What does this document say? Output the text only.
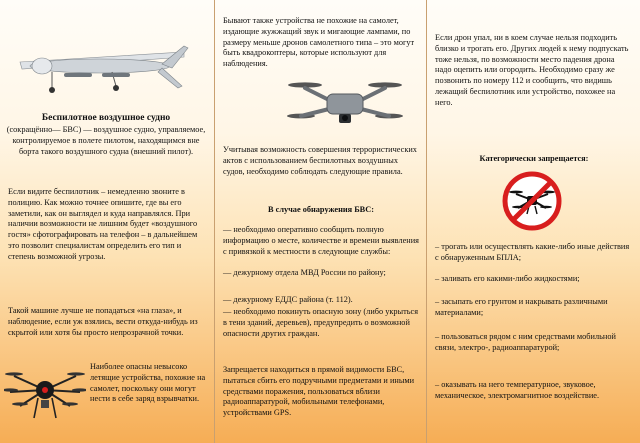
Беспилотное воздушное судно

(сокращённо— БВС) — воздушное судно, управляемое, контролируемое в полете пилотом, находящимся вне борта такого воздушного судна (внешний пилот).

Если видите беспилотник – немедленно звоните в полицию. Как можно точнее опишите, где вы его заметили, как он выглядел и куда направлялся. При наличии возможности не лишним будет «воздушного гостя» сфотографировать на телефон – в дальнейшем это позволит специалистам определить его тип и степень возможной угрозы.

Такой машине лучше не попадаться «на глаза», и наблюдение, если уж взялись, вести откуда-нибудь из скрытой или хотя бы просто непрозрачной точки.

Наиболее опасны невысоко летящие устройства, похожие на самолет, поскольку они могут нести в себе заряд взрывчатки.

Бывают также устройства не похожие на самолет, издающие жужжащий звук и мигающие лампами, по размеру меньше дронов самолетного типа – это могут быть квадрокоптеры, которые используют для наблюдения.

Учитывая возможность совершения террористических актов с использованием беспилотных воздушных судов, необходимо соблюдать следующие правила.

В случае обнаружения БВС:

— необходимо оперативно сообщить полную информацию о месте, количестве и времени выявления с привязкой к местности в следующие службы:

— дежурному отдела МВД России по району;

— дежурному ЕДДС района (т. 112).

— необходимо покинуть опасную зону (либо укрыться в тени зданий, деревьев), предупредить о возможной опасности других граждан.

Запрещается находиться в прямой видимости БВС, пытаться сбить его подручными предметами и иными средствами поражения, пользоваться вблизи радиоаппаратурой, мобильными телефонами, устройствами GPS.

Если дрон упал, ни в коем случае нельзя подходить близко и трогать его. Других людей к нему подпускать тоже нельзя, по возможности место падения дрона надо оцепить или огородить. Необходимо сразу же позвонить по номеру 112 и сообщить, что видишь лежащий беспилотник или устройство, похожее на него.

Категорически запрещается:

– трогать или осуществлять какие-либо иные действия с обнаруженным БПЛА;

– заливать его какими-либо жидкостями;

– засыпать его грунтом и накрывать различными материалами;

– пользоваться рядом с ним средствами мобильной связи, электро-, радиоаппаратурой;

– оказывать на него температурное, звуковое, механическое, электромагнитное воздействие.
